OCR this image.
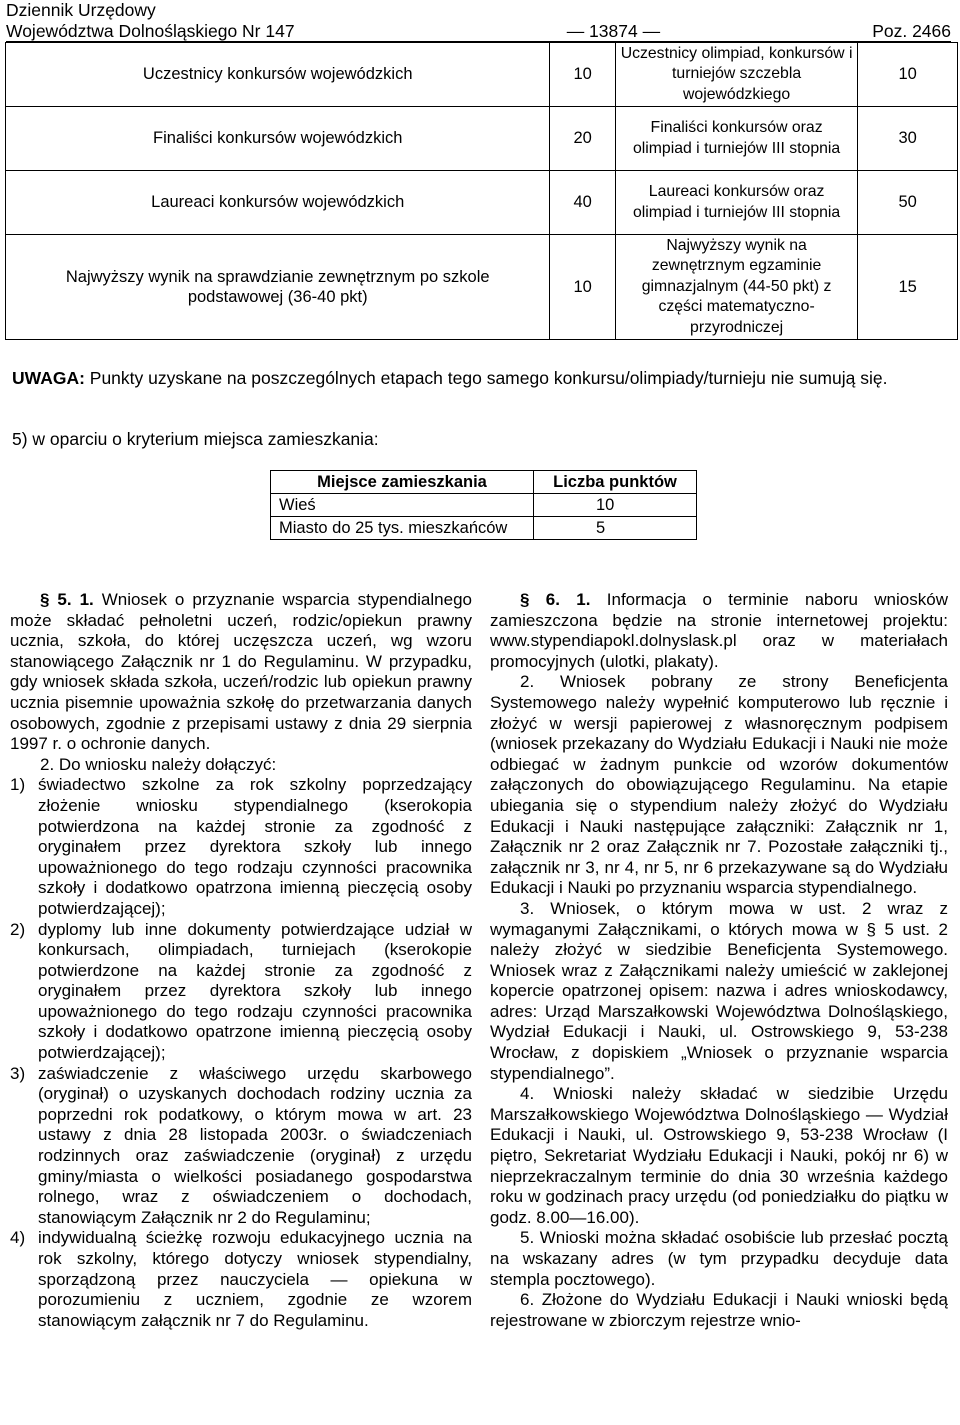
Dziennik Urzędowy
Województwa Dolnośląskiego Nr 147	— 13874 —	Poz. 2466
Uczestnicy konkursów wojewódzkich	10	Uczestnicy olimpiad, konkursów i turniejów szczebla wojewódzkiego	10
Finaliści konkursów wojewódzkich	20	Finaliści konkursów oraz olimpiad i turniejów III stopnia	30
Laureaci konkursów wojewódzkich	40	Laureaci konkursów oraz olimpiad i turniejów III stopnia	50
Najwyższy wynik na sprawdzianie zewnętrznym po szkole podstawowej (36-40 pkt)	10	Najwyższy wynik na zewnętrznym egzaminie gimnazjalnym (44-50 pkt) z części matematyczno-przyrodniczej	15
UWAGA: Punkty uzyskane na poszczególnych etapach tego samego konkursu/olimpiady/turnieju nie sumują się.
5) w oparciu o kryterium miejsca zamieszkania:
Miejsce zamieszkania	Liczba punktów
Wieś	10
Miasto do 25 tys. mieszkańców	5

§ 5. 1. Wniosek o przyznanie wsparcia stypendialnego może składać pełnoletni uczeń, rodzic/opiekun prawny ucznia, szkoła, do której uczęszcza uczeń, wg wzoru stanowiącego Załącznik nr 1 do Regulaminu. W przypadku, gdy wniosek składa szkoła, uczeń/rodzic lub opiekun prawny ucznia pisemnie upoważnia szkołę do przetwarzania danych osobowych, zgodnie z przepisami ustawy z dnia 29 sierpnia 1997 r. o ochronie danych.

2. Do wniosku należy dołączyć:

1) świadectwo szkolne za rok szkolny poprzedzający złożenie wniosku stypendialnego (kserokopia potwierdzona na każdej stronie za zgodność z oryginałem przez dyrektora szkoły lub innego upoważnionego do tego rodzaju czynności pracownika szkoły i dodatkowo opatrzona imienną pieczęcią osoby potwierdzającej);
2) dyplomy lub inne dokumenty potwierdzające udział w konkursach, olimpiadach, turniejach (kserokopie potwierdzone na każdej stronie za zgodność z oryginałem przez dyrektora szkoły lub innego upoważnionego do tego rodzaju czynności pracownika szkoły i dodatkowo opatrzone imienną pieczęcią osoby potwierdzającej);
3) zaświadczenie z właściwego urzędu skarbowego (oryginał) o uzyskanych dochodach rodziny ucznia za poprzedni rok podatkowy, o którym mowa w art. 23 ustawy z dnia 28 listopada 2003r. o świadczeniach rodzinnych oraz zaświadczenie (oryginał) z urzędu gminy/miasta o wielkości posiadanego gospodarstwa rolnego, wraz z oświadczeniem o dochodach, stanowiącym Załącznik nr 2 do Regulaminu;
4) indywidualną ścieżkę rozwoju edukacyjnego ucznia na rok szkolny, którego dotyczy wniosek stypendialny, sporządzoną przez nauczyciela — opiekuna w porozumieniu z uczniem, zgodnie ze wzorem stanowiącym załącznik nr 7 do Regulaminu.

§ 6. 1. Informacja o terminie naboru wniosków zamieszczona będzie na stronie internetowej projektu: www.stypendiapokl.dolnyslask.pl oraz w materiałach promocyjnych (ulotki, plakaty).

2. Wniosek pobrany ze strony Beneficjenta Systemowego należy wypełnić komputerowo lub ręcznie i złożyć w wersji papierowej z własnoręcznym podpisem (wniosek przekazany do Wydziału Edukacji i Nauki nie może odbiegać w żadnym punkcie od wzorów dokumentów załączonych do obowiązującego Regulaminu. Na etapie ubiegania się o stypendium należy złożyć do Wydziału Edukacji i Nauki następujące załączniki: Załącznik nr 1, Załącznik nr 2 oraz Załącznik nr 7. Pozostałe załączniki tj., załącznik nr 3, nr 4, nr 5, nr 6 przekazywane są do Wydziału Edukacji i Nauki po przyznaniu wsparcia stypendialnego.

3. Wniosek, o którym mowa w ust. 2 wraz z wymaganymi Załącznikami, o których mowa w § 5 ust. 2 należy złożyć w siedzibie Beneficjenta Systemowego. Wniosek wraz z Załącznikami należy umieścić w zaklejonej kopercie opatrzonej opisem: nazwa i adres wnioskodawcy, adres: Urząd Marszałkowski Województwa Dolnośląskiego, Wydział Edukacji i Nauki, ul. Ostrowskiego 9, 53-238 Wrocław, z dopiskiem „Wniosek o przyznanie wsparcia stypendialnego”.

4. Wnioski należy składać w siedzibie Urzędu Marszałkowskiego Województwa Dolnośląskiego — Wydział Edukacji i Nauki, ul. Ostrowskiego 9, 53-238 Wrocław (I piętro, Sekretariat Wydziału Edukacji i Nauki, pokój nr 6) w nieprzekraczalnym terminie do dnia 30 września każdego roku w godzinach pracy urzędu (od poniedziałku do piątku w godz. 8.00—16.00).

5. Wnioski można składać osobiście lub przesłać pocztą na wskazany adres (w tym przypadku decyduje data stempla pocztowego).

6. Złożone do Wydziału Edukacji i Nauki wnioski będą rejestrowane w zbiorczym rejestrze wnio-
